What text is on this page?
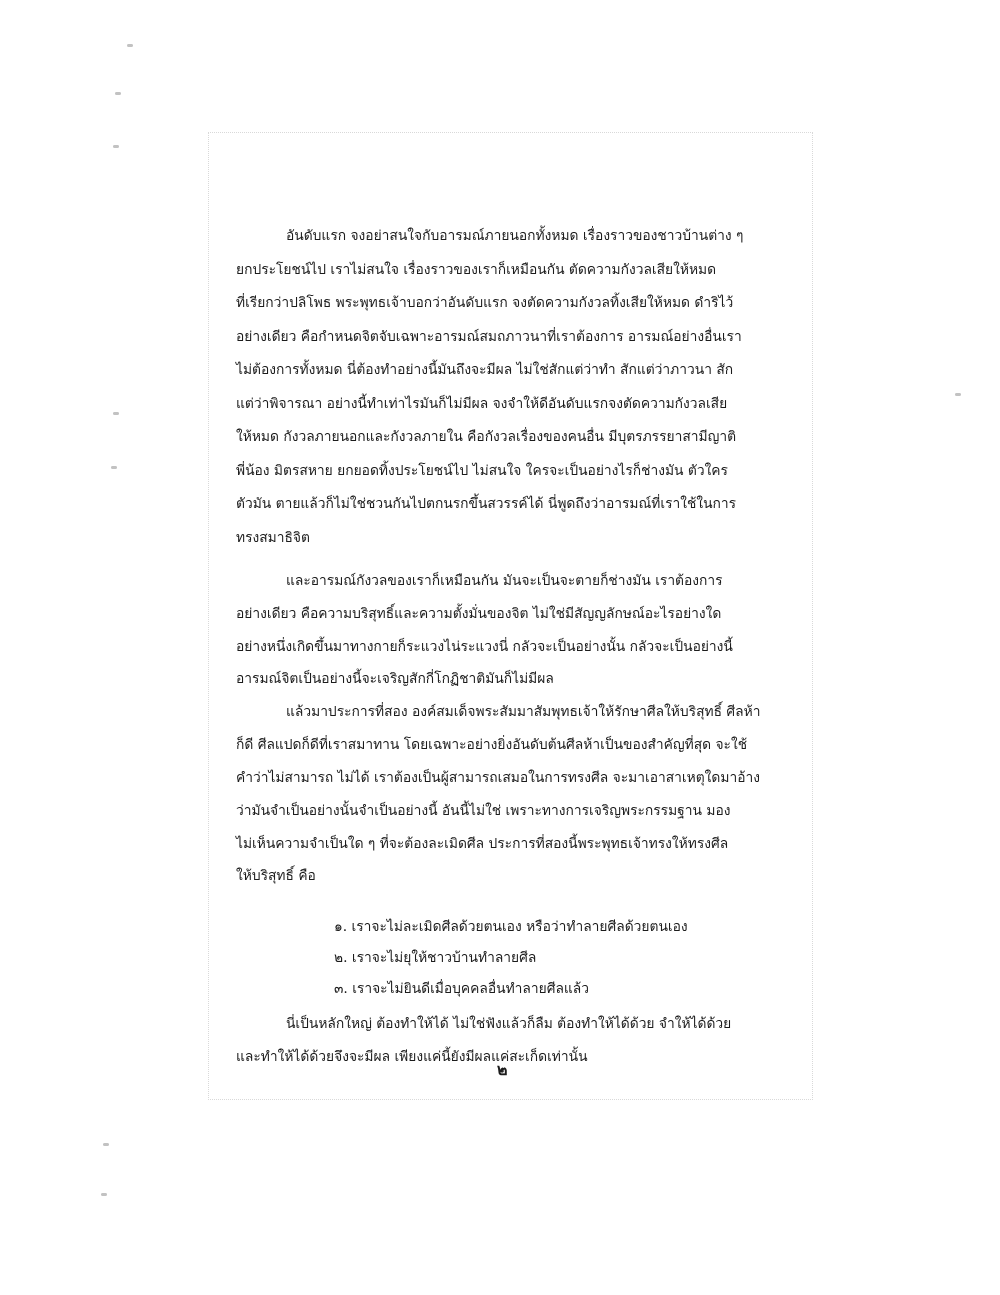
อันดับแรก จงอย่าสนใจกับอารมณ์ภายนอกทั้งหมด เรื่องราวของชาวบ้านต่าง ๆ
ยกประโยชน์ไป เราไม่สนใจ เรื่องราวของเราก็เหมือนกัน ตัดความกังวลเสียให้หมด
ที่เรียกว่าปลิโพธ พระพุทธเจ้าบอกว่าอันดับแรก จงตัดความกังวลทิ้งเสียให้หมด ดำริไว้
อย่างเดียว คือกำหนดจิตจับเฉพาะอารมณ์สมถภาวนาที่เราต้องการ อารมณ์อย่างอื่นเรา
ไม่ต้องการทั้งหมด นี่ต้องทำอย่างนี้มันถึงจะมีผล ไม่ใช่สักแต่ว่าทำ สักแต่ว่าภาวนา สัก
แต่ว่าพิจารณา อย่างนี้ทำเท่าไรมันก็ไม่มีผล จงจำให้ดีอันดับแรกจงตัดความกังวลเสีย
ให้หมด กังวลภายนอกและกังวลภายใน คือกังวลเรื่องของคนอื่น มีบุตรภรรยาสามีญาติ
พี่น้อง มิตรสหาย ยกยอดทิ้งประโยชน์ไป ไม่สนใจ ใครจะเป็นอย่างไรก็ช่างมัน ตัวใคร
ตัวมัน ตายแล้วก็ไม่ใช่ชวนกันไปตกนรกขึ้นสวรรค์ได้ นี่พูดถึงว่าอารมณ์ที่เราใช้ในการ
ทรงสมาธิจิต
และอารมณ์กังวลของเราก็เหมือนกัน มันจะเป็นจะตายก็ช่างมัน เราต้องการ
อย่างเดียว คือความบริสุทธิ์และความตั้งมั่นของจิต ไม่ใช่มีสัญญลักษณ์อะไรอย่างใด
อย่างหนึ่งเกิดขึ้นมาทางกายก็ระแวงไน่ระแวงนี่ กลัวจะเป็นอย่างนั้น กลัวจะเป็นอย่างนี้
อารมณ์จิตเป็นอย่างนี้จะเจริญสักกี่โกฏิชาติมันก็ไม่มีผล
แล้วมาประการที่สอง องค์สมเด็จพระสัมมาสัมพุทธเจ้าให้รักษาศีลให้บริสุทธิ์ ศีลห้า
ก็ดี ศีลแปดก็ดีที่เราสมาทาน โดยเฉพาะอย่างยิ่งอันดับต้นศีลห้าเป็นของสำคัญที่สุด จะใช้
คำว่าไม่สามารถ ไม่ได้ เราต้องเป็นผู้สามารถเสมอในการทรงศีล จะมาเอาสาเหตุใดมาอ้าง
ว่ามันจำเป็นอย่างนั้นจำเป็นอย่างนี้ อันนี้ไม่ใช่ เพราะทางการเจริญพระกรรมฐาน มอง
ไม่เห็นความจำเป็นใด ๆ ที่จะต้องละเมิดศีล ประการที่สองนี้พระพุทธเจ้าทรงให้ทรงศีล
ให้บริสุทธิ์ คือ
๑. เราจะไม่ละเมิดศีลด้วยตนเอง หรือว่าทำลายศีลด้วยตนเอง
๒. เราจะไม่ยุให้ชาวบ้านทำลายศีล
๓. เราจะไม่ยินดีเมื่อบุคคลอื่นทำลายศีลแล้ว
นี่เป็นหลักใหญ่ ต้องทำให้ได้ ไม่ใช่ฟังแล้วก็ลืม ต้องทำให้ได้ด้วย จำให้ได้ด้วย
และทำให้ได้ด้วยจึงจะมีผล เพียงแค่นี้ยังมีผลแค่สะเก็ดเท่านั้น
๒
